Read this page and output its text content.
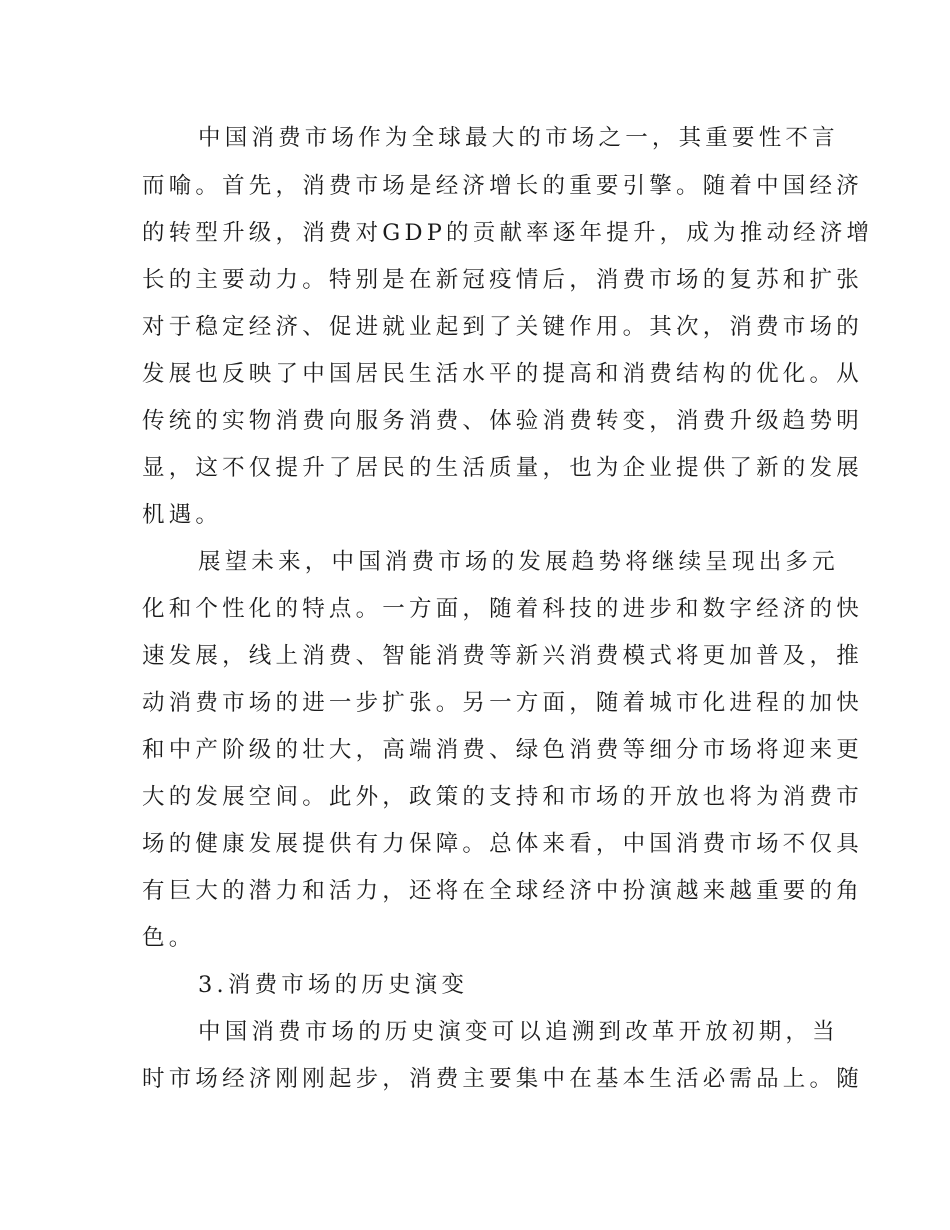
中国消费市场作为全球最大的市场之一，其重要性不言
而喻。首先，消费市场是经济增长的重要引擎。随着中国经济
的转型升级，消费对GDP的贡献率逐年提升，成为推动经济增
长的主要动力。特别是在新冠疫情后，消费市场的复苏和扩张
对于稳定经济、促进就业起到了关键作用。其次，消费市场的
发展也反映了中国居民生活水平的提高和消费结构的优化。从
传统的实物消费向服务消费、体验消费转变，消费升级趋势明
显，这不仅提升了居民的生活质量，也为企业提供了新的发展
机遇。
展望未来，中国消费市场的发展趋势将继续呈现出多元
化和个性化的特点。一方面，随着科技的进步和数字经济的快
速发展，线上消费、智能消费等新兴消费模式将更加普及，推
动消费市场的进一步扩张。另一方面，随着城市化进程的加快
和中产阶级的壮大，高端消费、绿色消费等细分市场将迎来更
大的发展空间。此外，政策的支持和市场的开放也将为消费市
场的健康发展提供有力保障。总体来看，中国消费市场不仅具
有巨大的潜力和活力，还将在全球经济中扮演越来越重要的角
色。
3.消费市场的历史演变
中国消费市场的历史演变可以追溯到改革开放初期，当
时市场经济刚刚起步，消费主要集中在基本生活必需品上。随
